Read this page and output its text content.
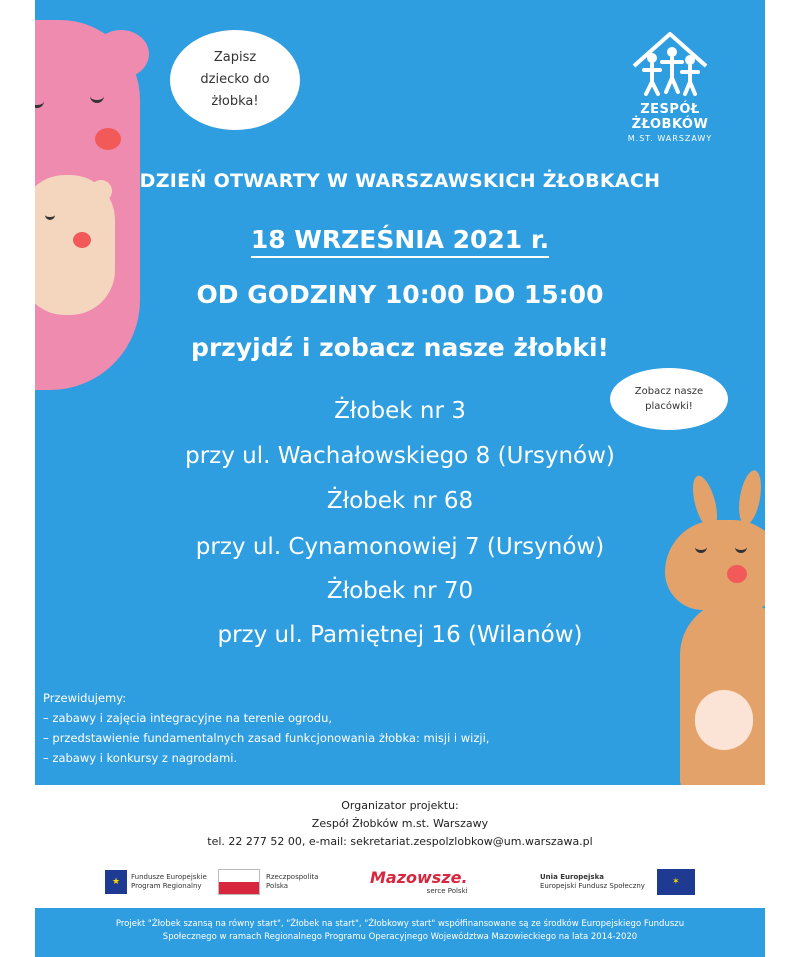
Zapisz dziecko do żłobka!
Zobacz nasze placówki!
ZESPÓŁ ŻŁOBKÓW
M.ST. WARSZAWY
DZIEŃ OTWARTY W WARSZAWSKICH ŻŁOBKACH
18 WRZEŚNIA 2021 r.
OD GODZINY 10:00 DO 15:00
przyjdź i zobacz nasze żłobki!
Żłobek nr 3
przy ul. Wachałowskiego 8 (Ursynów)
Żłobek nr 68
przy ul. Cynamonowiej 7 (Ursynów)
Żłobek nr 70
przy ul. Pamiętnej 16 (Wilanów)
Przewidujemy:
– zabawy i zajęcia integracyjne na terenie ogrodu,
– przedstawienie fundamentalnych zasad funkcjonowania żłobka: misji i wizji,
– zabawy i konkursy z nagrodami.
Organizator projektu:
Zespół Żłobków m.st. Warszawy
tel. 22 277 52 00, e-mail: sekretariat.zespolzlobkow@um.warszawa.pl
★	Fundusze Europejskie
Program Regionalny
Rzeczpospolita Polska	Mazowsze.
serce Polski
Unia Europejska
Europejski Fundusz Społeczny	✶
Projekt "Żłobek szansą na równy start", "Żłobek na start", "Żłobkowy start" współfinansowane są ze środków Europejskiego Funduszu
Społecznego w ramach Regionalnego Programu Operacyjnego Województwa Mazowieckiego na lata 2014-2020
